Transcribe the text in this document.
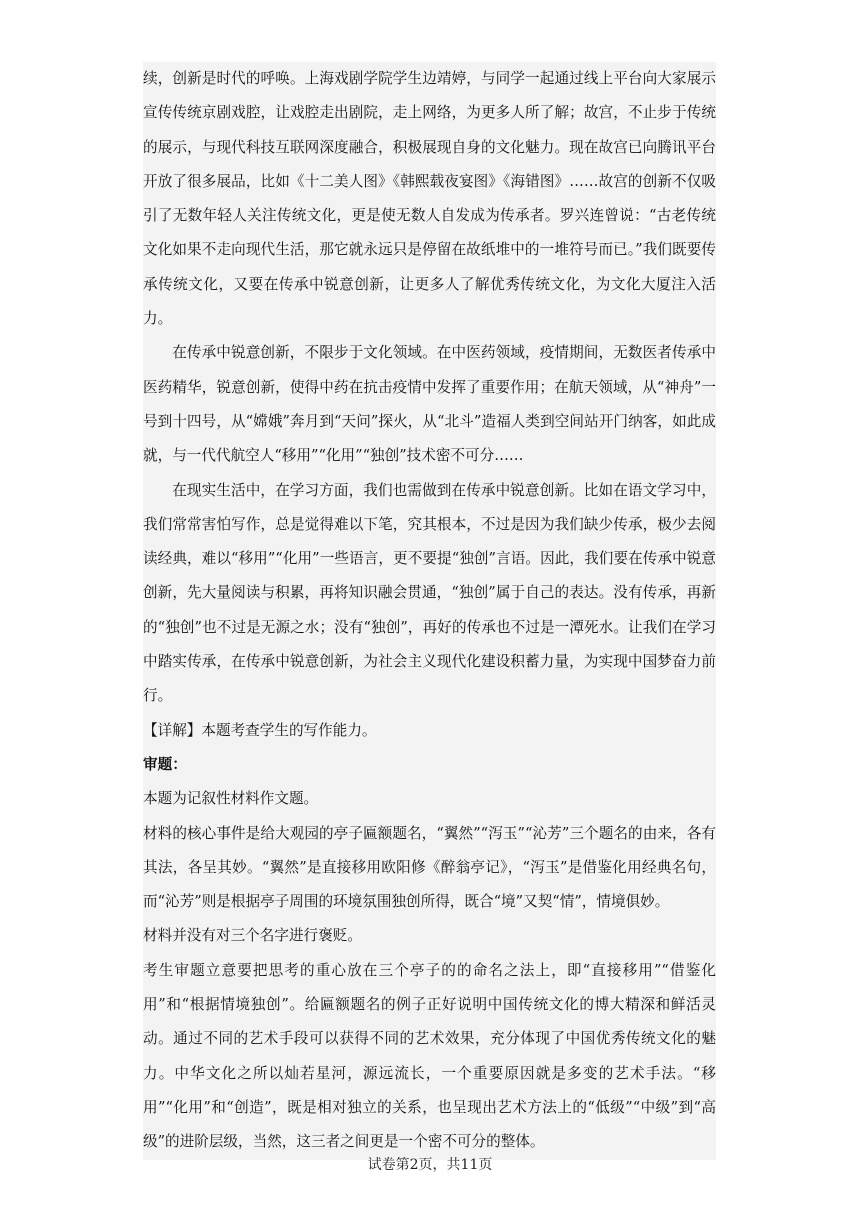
续，创新是时代的呼唤。上海戏剧学院学生边靖婷，与同学一起通过线上平台向大家展示宣传传统京剧戏腔，让戏腔走出剧院，走上网络，为更多人所了解；故宫，不止步于传统的展示，与现代科技互联网深度融合，积极展现自身的文化魅力。现在故宫已向腾讯平台开放了很多展品，比如《十二美人图》《韩熙载夜宴图》《海错图》……故宫的创新不仅吸引了无数年轻人关注传统文化，更是使无数人自发成为传承者。罗兴连曾说：“古老传统文化如果不走向现代生活，那它就永远只是停留在故纸堆中的一堆符号而已。”我们既要传承传统文化，又要在传承中锐意创新，让更多人了解优秀传统文化，为文化大厦注入活力。

在传承中锐意创新，不限步于文化领域。在中医药领域，疫情期间，无数医者传承中医药精华，锐意创新，使得中药在抗击疫情中发挥了重要作用；在航天领域，从“神舟”一号到十四号，从“嫦娥”奔月到“天问”探火，从“北斗”造福人类到空间站开门纳客，如此成就，与一代代航空人“移用”“化用”“独创”技术密不可分……

在现实生活中，在学习方面，我们也需做到在传承中锐意创新。比如在语文学习中，我们常常害怕写作，总是觉得难以下笔，究其根本，不过是因为我们缺少传承，极少去阅读经典，难以“移用”“化用”一些语言，更不要提“独创”言语。因此，我们要在传承中锐意创新，先大量阅读与积累，再将知识融会贯通，“独创”属于自己的表达。没有传承，再新的“独创”也不过是无源之水；没有“独创”，再好的传承也不过是一潭死水。让我们在学习中踏实传承，在传承中锐意创新，为社会主义现代化建设积蓄力量，为实现中国梦奋力前行。

【详解】本题考查学生的写作能力。

审题：

本题为记叙性材料作文题。

材料的核心事件是给大观园的亭子匾额题名，“翼然”“泻玉”“沁芳”三个题名的由来，各有其法，各呈其妙。“翼然”是直接移用欧阳修《醉翁亭记》，“泻玉”是借鉴化用经典名句，而“沁芳”则是根据亭子周围的环境氛围独创所得，既合“境”又契“情”，情境俱妙。

材料并没有对三个名字进行褒贬。

考生审题立意要把思考的重心放在三个亭子的的命名之法上，即“直接移用”“借鉴化用”和“根据情境独创”。给匾额题名的例子正好说明中国传统文化的博大精深和鲜活灵动。通过不同的艺术手段可以获得不同的艺术效果，充分体现了中国优秀传统文化的魅力。中华文化之所以灿若星河，源远流长，一个重要原因就是多变的艺术手法。“移用”“化用”和“创造”，既是相对独立的关系，也呈现出艺术方法上的“低级”“中级”到“高级”的进阶层级，当然，这三者之间更是一个密不可分的整体。

试卷第2页，共11页
